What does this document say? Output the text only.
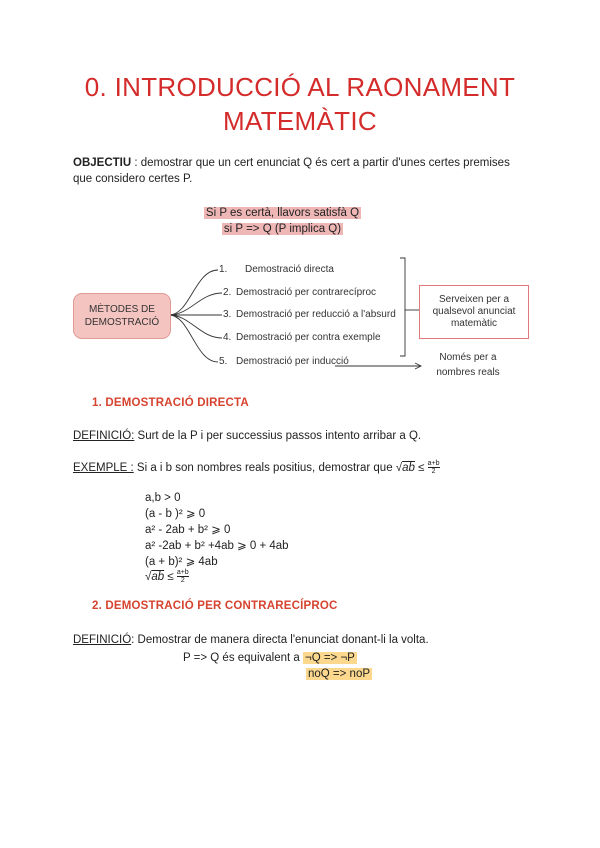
0. INTRODUCCIÓ AL RAONAMENT
MATEMÀTIC
OBJECTIU : demostrar que un cert enunciat Q és cert a partir d'unes certes premises
que considero certes P.
Si P es certà, llavors satisfà Q
si P => Q (P implica Q)
MÈTODES DE
DEMOSTRACIÓ
1. Demostració directa
2. Demostració per contrarecíproc
3. Demostració per reducció a l'absurd
4. Demostració per contra exemple
5. Demostració per inducció
Serveixen per a
qualsevol anunciat
matemàtic
Només per a
nombres reals
1. DEMOSTRACIÓ DIRECTA
DEFINICIÓ: Surt de la P i per successius passos intento arribar a Q.
EXEMPLE : Si a i b son nombres reals positius, demostrar que $√ab \le \frac{a+b}{2}$
a,b > 0
(a - b )² ⩾ 0
a² - 2ab + b² ⩾ 0
a² -2ab + b² +4ab ⩾ 0 + 4ab
(a + b)² ⩾ 4ab
$√ab \le \frac{a+b}{2}$
2. DEMOSTRACIÓ PER CONTRARECÍPROC
DEFINICIÓ: Demostrar de manera directa l'enunciat donant-li la volta.
P => Q és equivalent a ¬Q => ¬P
noQ => noP
